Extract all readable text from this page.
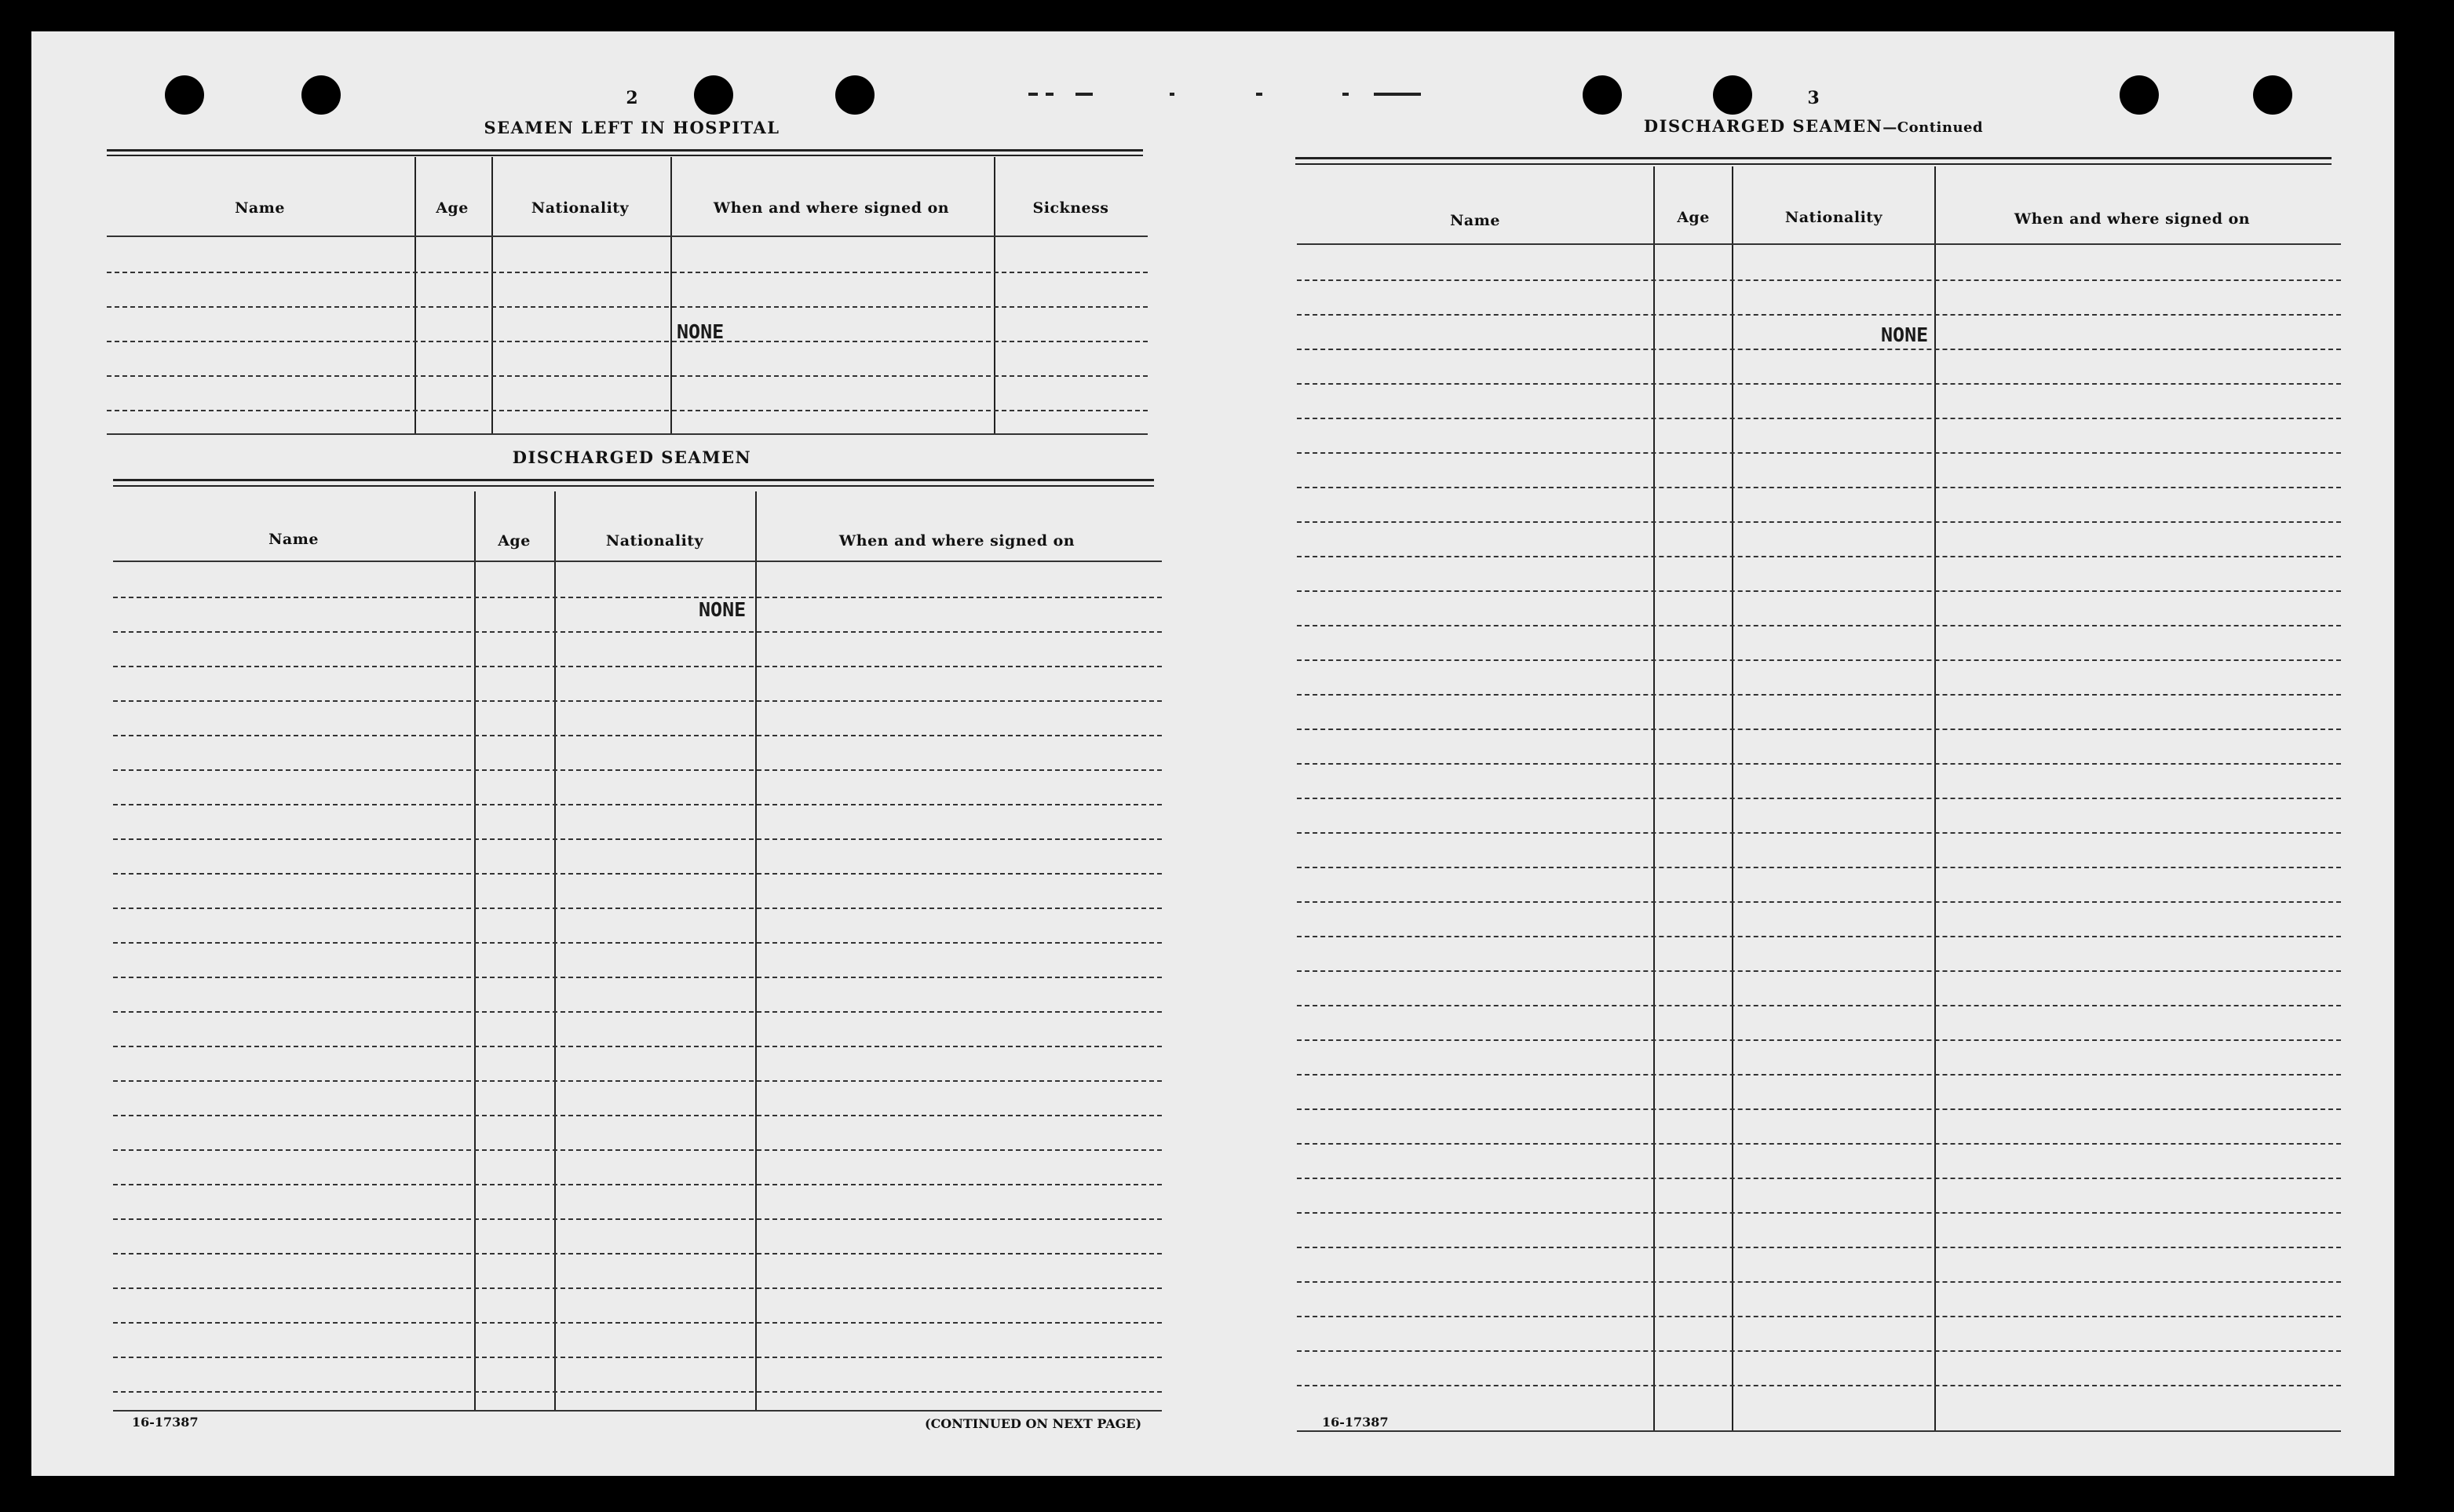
2
SEAMEN LEFT IN HOSPITAL
Name	Age	Nationality	When and where signed on	Sickness
NONE
DISCHARGED SEAMEN
Name	Age	Nationality	When and where signed on
NONE
16-17387	(CONTINUED ON NEXT PAGE)
3
DISCHARGED SEAMEN—Continued
Name	Age	Nationality	When and where signed on
NONE
16-17387
